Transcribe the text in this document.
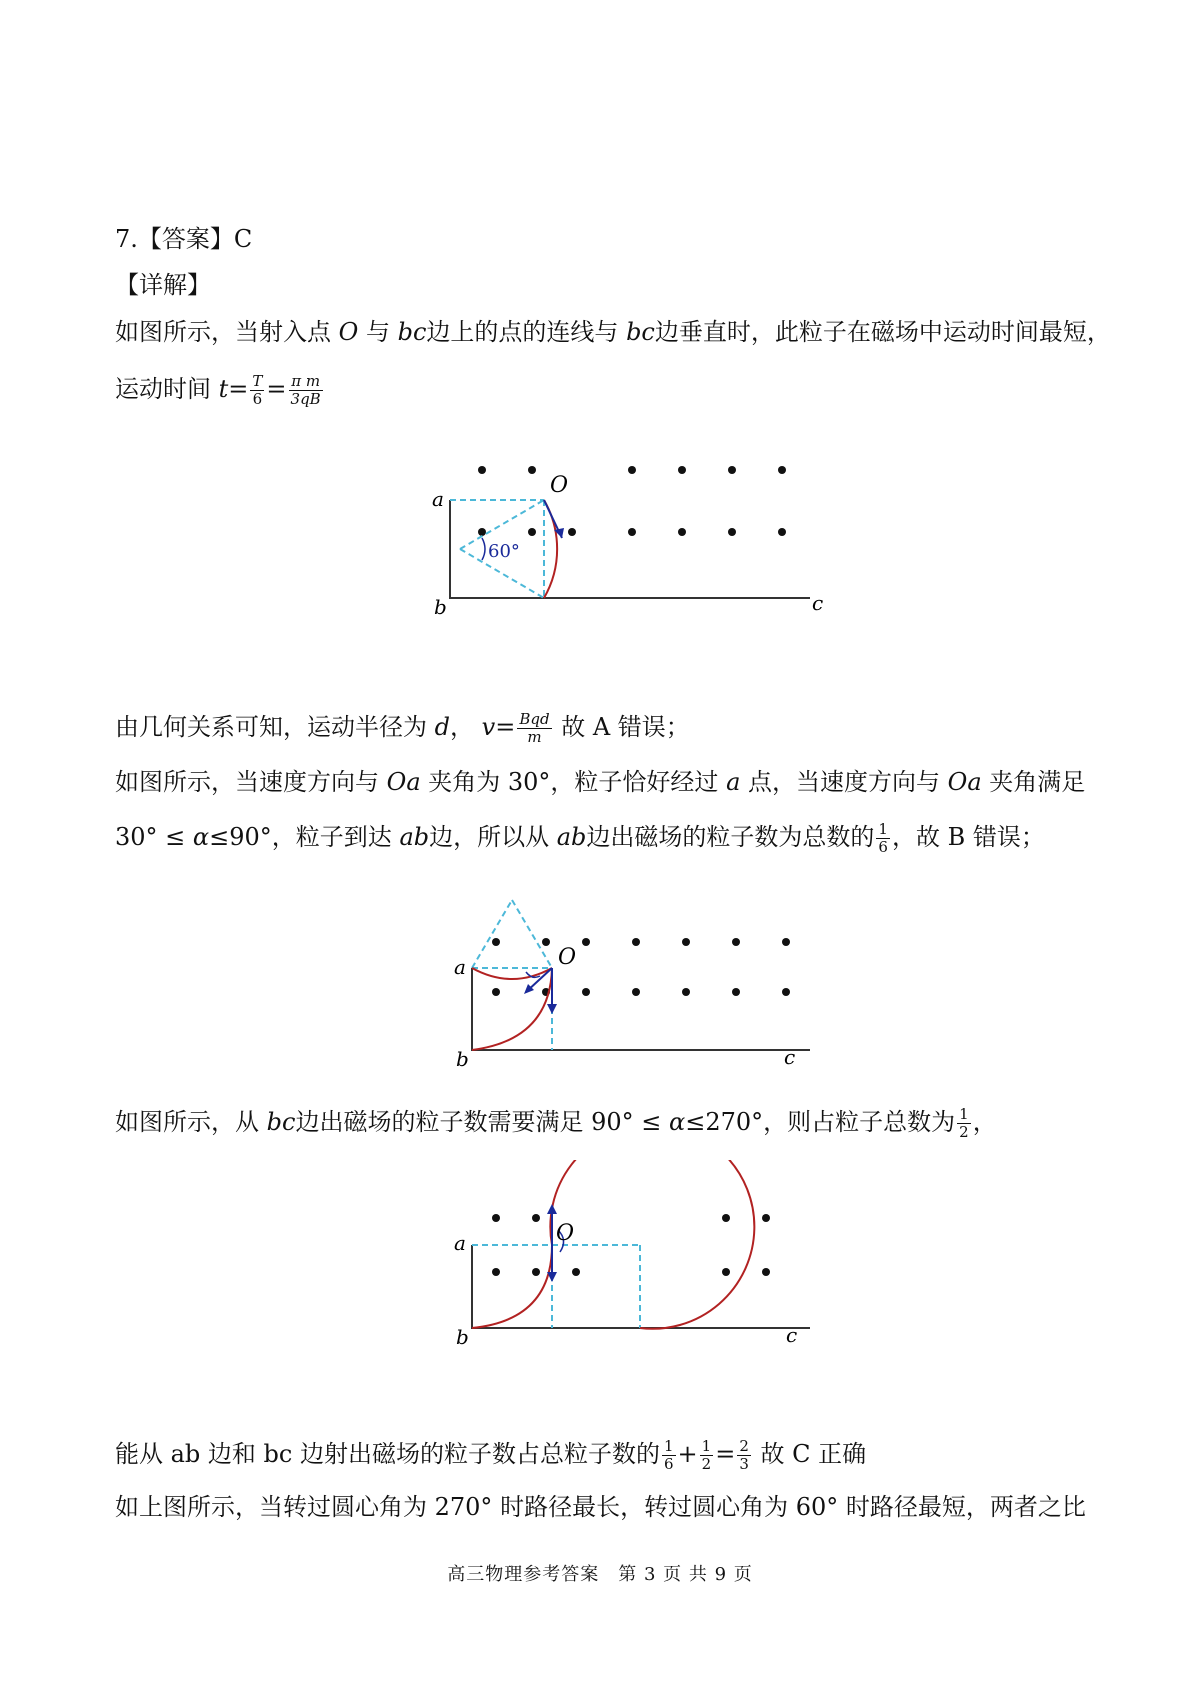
7.【答案】C
【详解】
如图所示，当射入点 O 与 bc边上的点的连线与 bc边垂直时，此粒子在磁场中运动时间最短，
运动时间 $t= \frac{T}{6} = \frac{\text{π m}}{3qB}$
a
b	c
O
60°
由几何关系可知，运动半径为 d， $v= \frac{\text{Bqd}}{m}$ 故 A 错误；
如图所示，当速度方向与 Oa 夹角为 30°，粒子恰好经过 a 点，当速度方向与 Oa 夹角满足
30° ≤ α≤90°，粒子到达 ab边，所以从 ab边出磁场的粒子数为总数的 $\frac{1}{6}$ ，故 B 错误；
a
b	c
O
如图所示，从 bc边出磁场的粒子数需要满足 90° ≤ α≤270°，则占粒子总数为 $\frac{1}{2}$ ，
a
b	c
O
能从 ab 边和 bc 边射出磁场的粒子数占总粒子数的 $\frac{1}{6} + \frac{1}{2} = \frac{2}{3}$ 故 C 正确
如上图所示，当转过圆心角为 270° 时路径最长，转过圆心角为 60° 时路径最短，两者之比
高三物理参考答案　第 3 页 共 9 页
